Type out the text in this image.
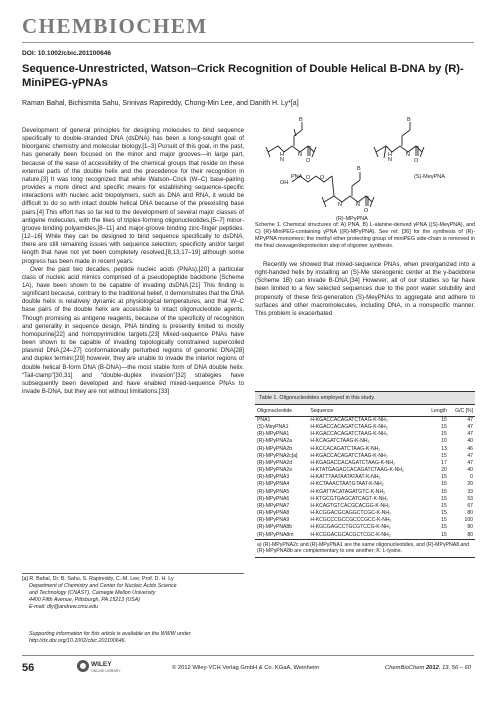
CHEMBIOCHEM
DOI: 10.1002/cbic.201100646
Sequence-Unrestricted, Watson–Crick Recognition of Double Helical B-DNA by (R)-MiniPEG-γPNAs
Raman Bahal, Bichismita Sahu, Srinivas Rapireddy, Chong-Min Lee, and Danith H. Ly*[a]

Development of general principles for designing molecules to bind sequence specifically to double-stranded DNA (dsDNA) has been a long-sought goal of bioorganic chemistry and molecular biology.[1–3] Pursuit of this goal, in the past, has generally been focused on the minor and major grooves—in large part, because of the ease of accessibility of the chemical groups that reside on these external parts of the double helix and the precedence for their recognition in nature.[3] It was long recognized that while Watson–Crick (W–C) base-pairing provides a more direct and specific means for establishing sequence-specific interactions with nucleic acid biopolymers, such as DNA and RNA, it would be difficult to do so with intact double helical DNA because of the preexisting base pairs.[4] This effort has so far led to the development of several major classes of antigene molecules, with the likes of triplex-forming oligonucleotides,[5–7] minor-groove binding polyamides,[8–11] and major-groove binding zinc-finger peptides.[12–16] While they can be designed to bind sequence specifically to dsDNA, there are still remaining issues with sequence selection, specificity and/or target length that have not yet been completely resolved,[8,13,17–19] although some progress has been made in recent years.

Over the past two decades, peptide nucleic acids (PNAs),[20] a particular class of nucleic acid mimics comprised of a pseudopeptide backbone (Scheme 1A), have been shown to be capable of invading dsDNA.[21] This finding is significant because, contrary to the traditional belief, it demonstrates that the DNA double helix is relatively dynamic at physiological temperatures, and that W–C base pairs of the double helix are accessible to intact oligonucleotide agents. Though promising as antigene reagents, because of the specificity of recognition and generality in sequence design, PNA binding is presently limited to mostly homopurine[22] and homopyrimidine targets.[23] Mixed-sequence PNAs have been shown to be capable of invading topologically constrained supercoiled plasmid DNA,[24–27] conformationally perturbed regions of genomic DNA[28] and duplex termini;[29] however, they are unable to invade the interior regions of double helical B-form DNA (B-DNA)—the most stable form of DNA double helix. “Tail-clamp”[30,31] and “double-duplex invasion”[32] strategies have subsequently been developed and have enabled mixed-sequence PNAs to invade B-DNA, but they are not without limitations.[33]

B
H
N
N
O
PNA
B
H
N
N
O
(S)-MeγPNA
OH
O O
B
N	N
O
(R)-MPγPNA
Scheme 1. Chemical structures of: A) PNA, B) L-alanine-derived γPNA ((S)-MeγPNA), and C) (R)-MiniPEG-containing γPNA ((R)-MPγPNA). See ref. [36] for the synthesis of (R)-MPγPNA monomers; the methyl ether protecting group of miniPEG side-chain is removed in the final cleavage/deprotection step of oligomer synthesis.

Recently we showed that mixed-sequence PNAs, when preorganized into a right-handed helix by installing an (S)-Me stereogenic center at the γ-backbone (Scheme 1B) can invade B-DNA.[34] However, all of our studies so far have been limited to a few selected sequences due to the poor water solubility and propensity of these first-generation (S)-MeγPNAs to aggregate and adhere to surfaces and other macromolecules, including DNA, in a nonspecific manner. This problem is exacerbated

Table 1. Oligonucleotides employed in this study.
Oligonucleotide	Sequence	Length	G/C [%]
PNA1	H-KGACCACAGATCTAAG-K-NH₂	15	47
(S)-MeγPNA1	H-KGACCACAGATCTAAG-K-NH₂	15	47
(R)-MPγPNA1	H-KGACCACAGATCTAAG-K-NH₂	15	47
(R)-MPγPNA2a	H-KCAGATCTAAG-K-NH₂	10	40
(R)-MPγPNA2b	H-KCCACAGATCTAAG-K-NH₂	13	46
(R)-MPγPNA2c[a]	H-KGACCACAGATCTAAG-K-NH₂	15	47
(R)-MPγPNA2d	H-KGAGACCACAGATCTAAG-K-NH₂	17	47
(R)-MPγPNA2e	H-KTATGAGACCACAGATCTAAG-K-NH₂	20	40
(R)-MPγPNA3	H-KATTTAATAATATAAT-K-NH₂	15	0
(R)-MPγPNA4	H-KCTAAACTAATGTAAT-K-NH₂	15	20
(R)-MPγPNA5	H-KGATTACATAGATGTC-K-NH₂	15	33
(R)-MPγPNA6	H-KTGCGTGAGCATCAGT-K-NH₂	15	53
(R)-MPγPNA7	H-KCAGTGTCACGCACGG-K-NH₂	15	67
(R)-MPγPNA8	H-KCGGACGCAGGCTCGC-K-NH₂	15	80
(R)-MPγPNA9	H-KCGCCCGCCGCCCGCC-K-NH₂	15	100
(R)-MPγPNA8b	H-KGCGAGCCTGCGTCCG-K-NH₂	15	80
(R)-MPγPNA8m	H-KCGGACGCACGCTCGC-K-NH₂	15	80
a) (R)-MPγPNA2c and (R)-MPγPNA1 are the same oligonucleotides, and (R)-MPγPNA8 and (R)-MPγPNA8b are complementary to one another; K: L-lysine.
[a] R. Bahal, Dr. B. Sahu, S. Rapireddy, C.-M. Lee, Prof. D. H. Ly
Department of Chemistry and Center for Nucleic Acids Science
and Technology (CNAST), Carnegie Mellon University
4400 Fifth Avenue, Pittsburgh, PA 15213 (USA)
E-mail: dly@andrew.cmu.edu
Supporting information for this article is available on the WWW under
http://dx.doi.org/10.1002/cbic.201100646.
56	WILEY
ONLINE LIBRARY	© 2012 Wiley-VCH Verlag GmbH & Co. KGaA, Weinheim	ChemBioChem 2012, 13, 56 – 60
